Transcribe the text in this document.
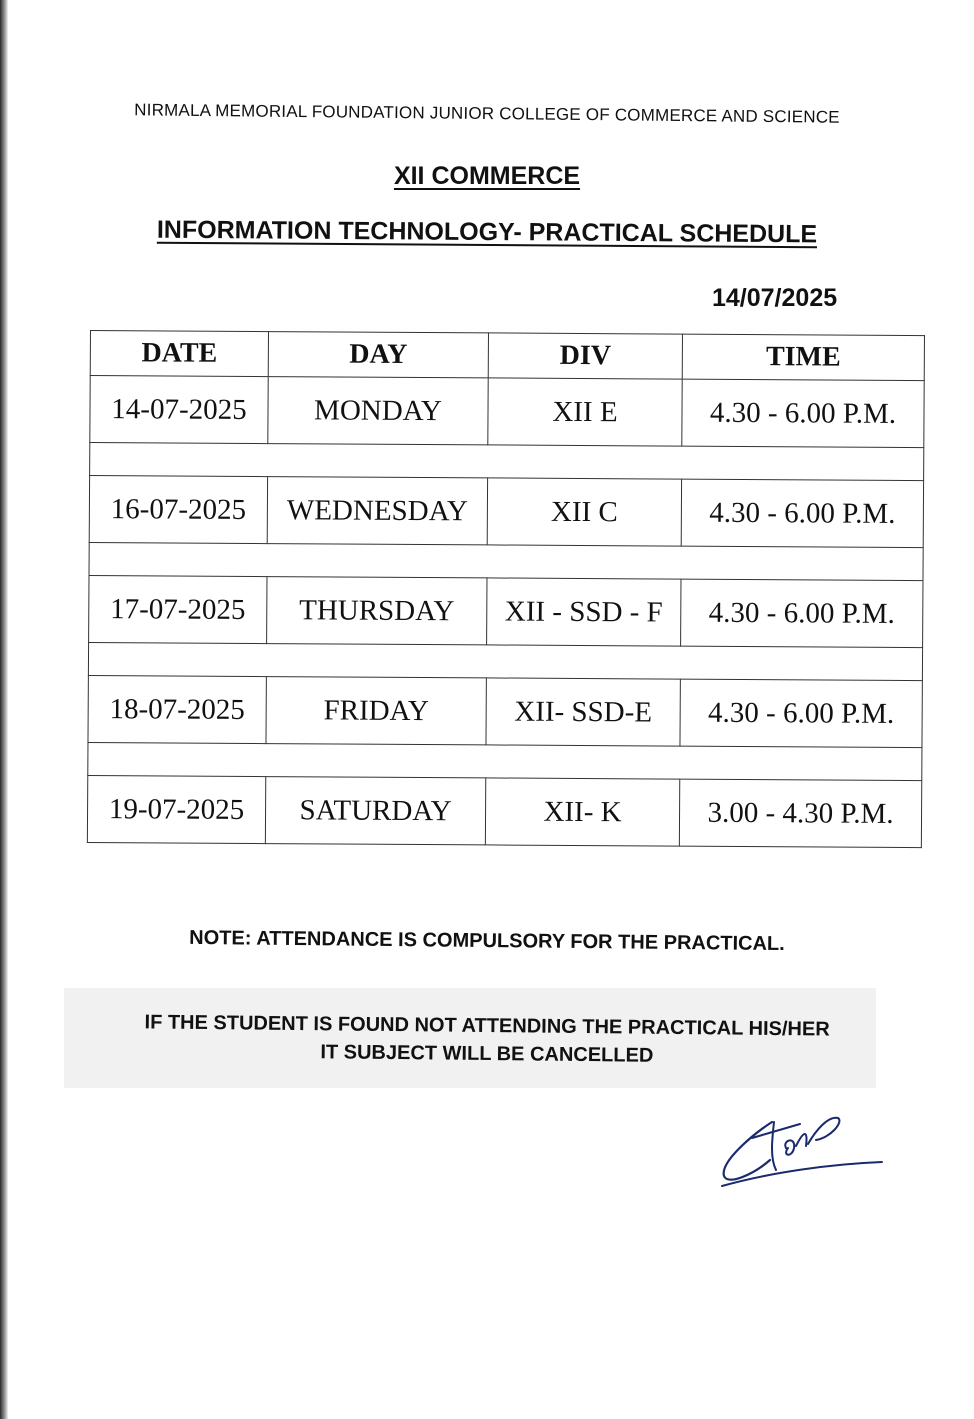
NIRMALA MEMORIAL FOUNDATION JUNIOR COLLEGE OF COMMERCE AND SCIENCE
XII COMMERCE
INFORMATION TECHNOLOGY- PRACTICAL SCHEDULE
14/07/2025
DATE	DAY	DIV	TIME
14-07-2025	MONDAY	XII E	4.30 - 6.00 P.M.

16-07-2025	WEDNESDAY	XII C	4.30 - 6.00 P.M.

17-07-2025	THURSDAY	XII - SSD - F	4.30 - 6.00 P.M.

18-07-2025	FRIDAY	XII- SSD-E	4.30 - 6.00 P.M.

19-07-2025	SATURDAY	XII- K	3.00 - 4.30 P.M.
NOTE: ATTENDANCE IS COMPULSORY FOR THE PRACTICAL.
IF THE STUDENT IS FOUND NOT ATTENDING THE PRACTICAL HIS/HER
IT SUBJECT WILL BE CANCELLED
